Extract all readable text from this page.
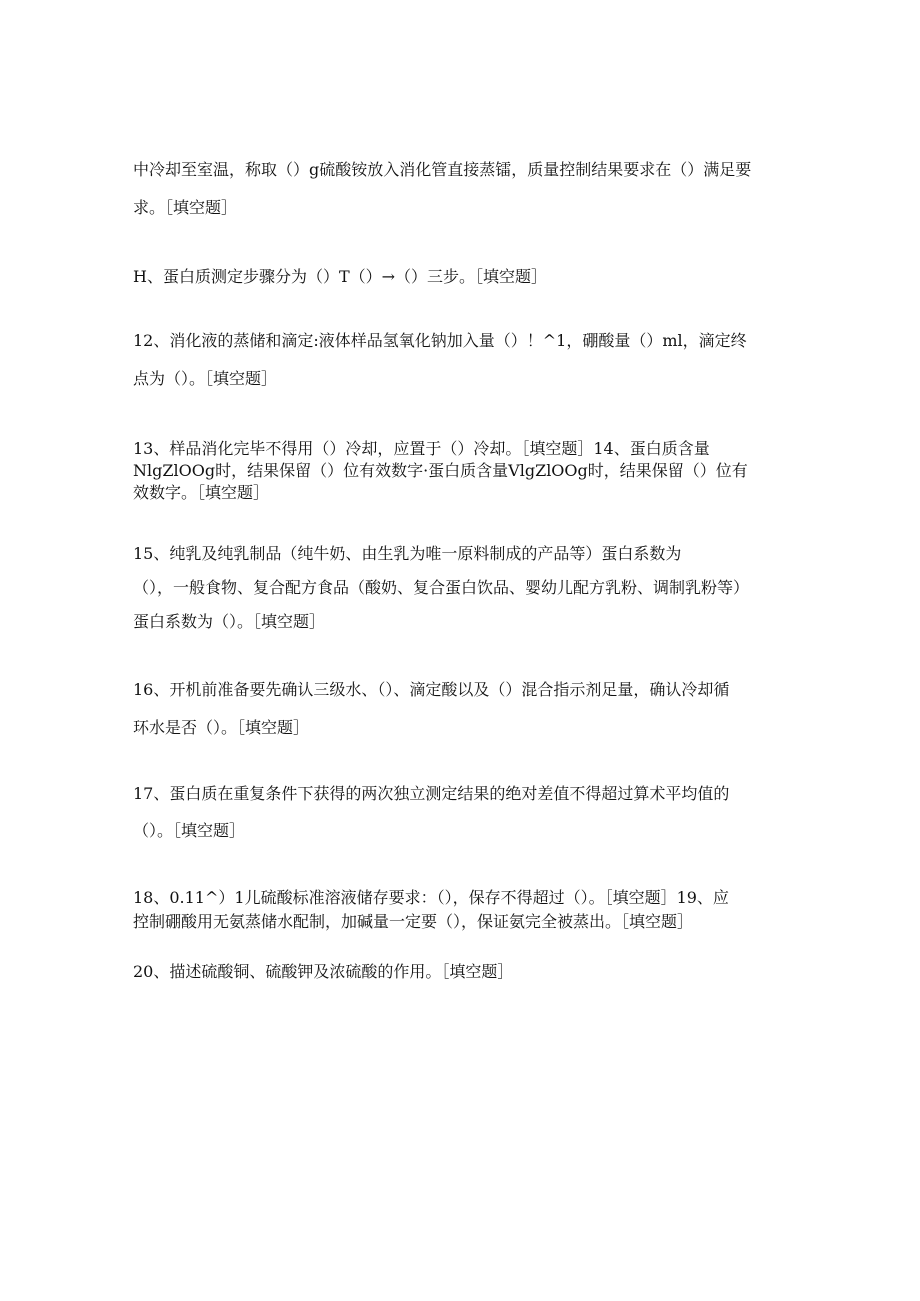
中冷却至室温，称取（）g硫酸铵放入消化管直接蒸镭，质量控制结果要求在（）满足要
求。［填空题］
H、蛋白质测定步骤分为（）T（）→（）三步。［填空题］
12、消化液的蒸储和滴定:液体样品氢氧化钠加入量（）！^1，硼酸量（）ml，滴定终
点为（）。［填空题］
13、样品消化完毕不得用（）冷却，应置于（）冷却。［填空题］14、蛋白质含量
NlgZlOOg时，结果保留（）位有效数字·蛋白质含量VlgZlOOg时，结果保留（）位有
效数字。［填空题］
15、纯乳及纯乳制品（纯牛奶、由生乳为唯一原料制成的产品等）蛋白系数为
（），一般食物、复合配方食品（酸奶、复合蛋白饮品、婴幼儿配方乳粉、调制乳粉等）
蛋白系数为（）。［填空题］
16、开机前准备要先确认三级水、（）、滴定酸以及（）混合指示剂足量，确认冷却循
环水是否（）。［填空题］
17、蛋白质在重复条件下获得的两次独立测定结果的绝对差值不得超过算术平均值的
（）。［填空题］
18、0.11^）1儿硫酸标准溶液储存要求：（），保存不得超过（）。［填空题］19、应
控制硼酸用无氨蒸储水配制，加碱量一定要（），保证氨完全被蒸出。［填空题］
20、描述硫酸铜、硫酸钾及浓硫酸的作用。［填空题］
